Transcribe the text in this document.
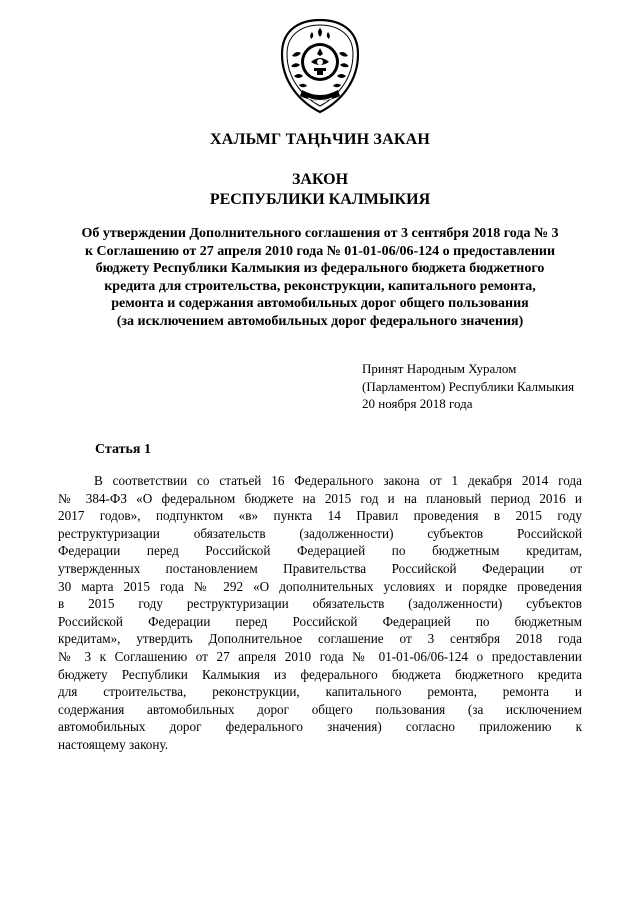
ХАЛЬМГ ТАҢҺЧИН ЗАКАН
ЗАКОН
РЕСПУБЛИКИ КАЛМЫКИЯ
Об утверждении Дополнительного соглашения от 3 сентября 2018 года № 3
к Соглашению от 27 апреля 2010 года № 01-01-06/06-124 о предоставлении
бюджету Республики Калмыкия из федерального бюджета бюджетного
кредита для строительства, реконструкции, капитального ремонта,
ремонта и содержания автомобильных дорог общего пользования
(за исключением автомобильных дорог федерального значения)
Принят Народным Хуралом
(Парламентом) Республики Калмыкия
20 ноября 2018 года
Статья 1
В соответствии со статьей 16 Федерального закона от 1 декабря 2014 года
№ 384-ФЗ «О федеральном бюджете на 2015 год и на плановый период 2016 и
2017 годов», подпунктом «в» пункта 14 Правил проведения в 2015 году
реструктуризации обязательств (задолженности) субъектов Российской
Федерации перед Российской Федерацией по бюджетным кредитам,
утвержденных постановлением Правительства Российской Федерации от
30 марта 2015 года № 292 «О дополнительных условиях и порядке проведения
в 2015 году реструктуризации обязательств (задолженности) субъектов
Российской Федерации перед Российской Федерацией по бюджетным
кредитам», утвердить Дополнительное соглашение от 3 сентября 2018 года
№ 3 к Соглашению от 27 апреля 2010 года № 01-01-06/06-124 о предоставлении
бюджету Республики Калмыкия из федерального бюджета бюджетного кредита
для строительства, реконструкции, капитального ремонта, ремонта и
содержания автомобильных дорог общего пользования (за исключением
автомобильных дорог федерального значения) согласно приложению к
настоящему закону.
